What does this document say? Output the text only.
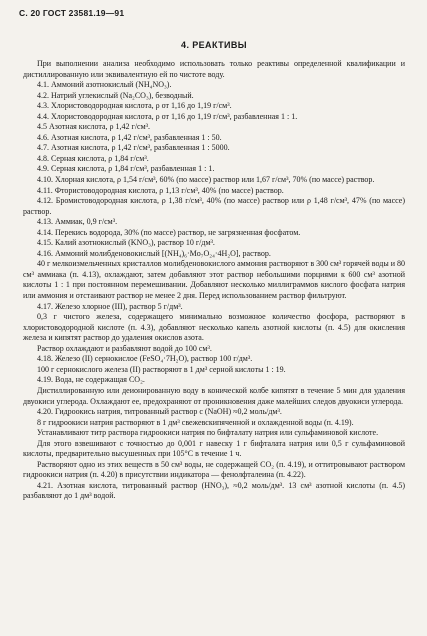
С. 20 ГОСТ 23581.19—91
4. РЕАКТИВЫ

При выполнении анализа необходимо использовать только реактивы определенной квалификации и дистиллированную или эквивалентную ей по чистоте воду.

4.1. Аммоний азотнокислый (NH₄NO₃).

4.2. Натрий углекислый (Na₂CO₃), безводный.

4.3. Хлористоводородная кислота, ρ от 1,16 до 1,19 г/см³.

4.4. Хлористоводородная кислота, ρ от 1,16 до 1,19 г/см³, разбавленная 1 : 1.

4.5 Азотная кислота, ρ 1,42 г/см³.

4.6. Азотная кислота, ρ 1,42 г/см³, разбавленная 1 : 50.

4.7. Азотная кислота, ρ 1,42 г/см³, разбавленная 1 : 5000.

4.8. Серная кислота, ρ 1,84 г/см³.

4.9. Серная кислота, ρ 1,84 г/см³, разбавленная 1 : 1.

4.10. Хлорная кислота, ρ 1,54 г/см³, 60% (по массе) раствор или 1,67 г/см³, 70% (по массе) раствор.

4.11. Фтористоводородная кислота, ρ 1,13 г/см³, 40% (по массе) раствор.

4.12. Бромистоводородная кислота, ρ 1,38 г/см³, 40% (по массе) раствор или ρ 1,48 г/см³, 47% (по массе) раствор.

4.13. Аммиак, 0,9 г/см³.

4.14. Перекись водорода, 30% (по массе) раствор, не загрязненная фосфатом.

4.15. Калий азотнокислый (KNO₃), раствор 10 г/дм³.

4.16. Аммоний молибденовокислый [(NH₄)₆·Mo₇O₂₄·4H₂O], раствор.

40 г мелкоизмельченных кристаллов молибденовокислого аммония растворяют в 300 см³ горячей воды и 80 см³ аммиака (п. 4.13), охлаждают, затем добавляют этот раствор небольшими порциями к 600 см³ азотной кислоты 1 : 1 при постоянном перемешивании. Добавляют несколько миллиграммов кислого фосфата натрия или аммония и отстаивают раствор не менее 2 дня. Перед использованием раствор фильтруют.

4.17. Железо хлорное (III), раствор 5 г/дм³.

0,3 г чистого железа, содержащего минимально возможное количество фосфора, растворяют в хлористоводородной кислоте (п. 4.3), добавляют несколько капель азотной кислоты (п. 4.5) для окисления железа и кипятят раствор до удаления окислов азота.

Раствор охлаждают и разбавляют водой до 100 см³.

4.18. Железо (II) сернокислое (FeSO₄·7H₂O), раствор 100 г/дм³.

100 г сернокислого железа (II) растворяют в 1 дм³ серной кислоты 1 : 19.

4.19. Вода, не содержащая CO₂.

Дистиллированную или деионированную воду в конической колбе кипятят в течение 5 мин для удаления двуокиси углерода. Охлаждают ее, предохраняют от проникновения даже малейших следов двуокиси углерода.

4.20. Гидроокись натрия, титрованный раствор с (NaOH) ≈0,2 моль/дм³.

8 г гидроокиси натрия растворяют в 1 дм³ свежевскипяченной и охлажденной воды (п. 4.19).

Устанавливают титр раствора гидроокиси натрия по бифталату натрия или сульфаминовой кислоте.

Для этого взвешивают с точностью до 0,001 г навеску 1 г бифталата натрия или 0,5 г сульфаминовой кислоты, предварительно высушенных при 105°С в течение 1 ч.

Растворяют одно из этих веществ в 50 см³ воды, не содержащей CO₂ (п. 4.19), и оттитровывают раствором гидроокиси натрия (п. 4.20) в присутствии индикатора — фенолфталеина (п. 4.22).

4.21. Азотная кислота, титрованный раствор (HNO₃), ≈0,2 моль/дм³. 13 см³ азотной кислоты (п. 4.5) разбавляют до 1 дм³ водой.
